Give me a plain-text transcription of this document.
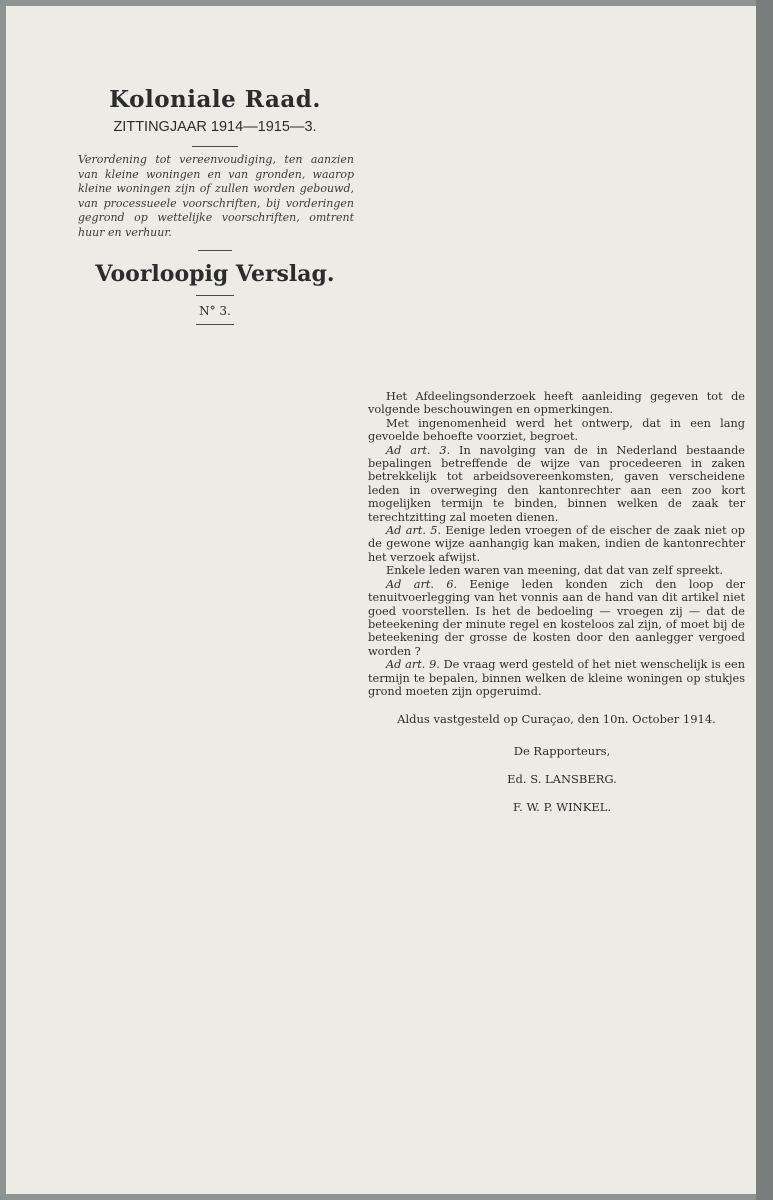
Koloniale Raad.

ZITTINGJAAR 1914—1915—3.

Verordening tot vereenvoudiging, ten aanzien van kleine woningen en van gronden, waarop kleine woningen zijn of zullen worden gebouwd, van processueele voorschriften, bij vorderingen gegrond op wettelijke voorschriften, omtrent huur en verhuur.

Voorloopig Verslag.

N° 3.

Het Afdeelingsonderzoek heeft aanleiding gegeven tot de volgende beschouwingen en opmerkingen.

Met ingenomenheid werd het ontwerp, dat in een lang gevoelde behoefte voorziet, begroet.

Ad art. 3. In navolging van de in Nederland bestaande bepalingen betreffende de wijze van procedeeren in zaken betrekkelijk tot arbeidsovereenkomsten, gaven verscheidene leden in overweging den kantonrechter aan een zoo kort mogelijken termijn te binden, binnen welken de zaak ter terechtzitting zal moeten dienen.

Ad art. 5. Eenige leden vroegen of de eischer de zaak niet op de gewone wijze aanhangig kan maken, indien de kantonrechter het verzoek afwijst.

Enkele leden waren van meening, dat dat van zelf spreekt.

Ad art. 6. Eenige leden konden zich den loop der tenuitvoerlegging van het vonnis aan de hand van dit artikel niet goed voorstellen. Is het de bedoeling — vroegen zij — dat de beteekening der minute regel en kosteloos zal zijn, of moet bij de beteekening der grosse de kosten door den aanlegger vergoed worden ?

Ad art. 9. De vraag werd gesteld of het niet wenschelijk is een termijn te bepalen, binnen welken de kleine woningen op stukjes grond moeten zijn opgeruimd.

Aldus vastgesteld op Curaçao, den 10n. October 1914.
De Rapporteurs,
Ed. S. LANSBERG.
F. W. P. WINKEL.
